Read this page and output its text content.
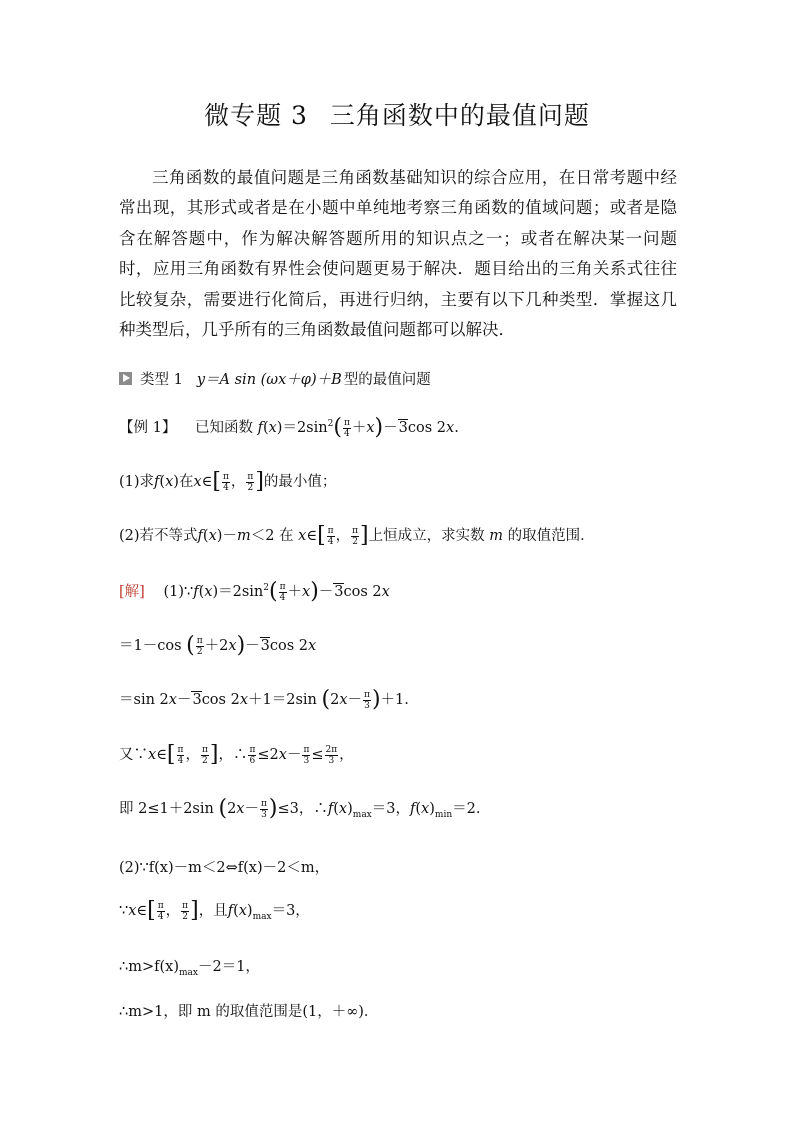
微专题 3 三角函数中的最值问题
三角函数的最值问题是三角函数基础知识的综合应用，在日常考题中经常出现，其形式或者是在小题中单纯地考察三角函数的值域问题；或者是隐含在解答题中，作为解决解答题所用的知识点之一；或者在解决某一问题时，应用三角函数有界性会使问题更易于解决．题目给出的三角关系式往往比较复杂，需要进行化简后，再进行归纳，主要有以下几种类型．掌握这几种类型后，几乎所有的三角函数最值问题都可以解决．
类型 1 y＝A sin (ωx＋φ)＋B 型的最值问题
【例 1】 已知函数 $f(x)=2\sin^2( \frac{\pi}{4} +x)-3\cos$ 2x.
(1)求f(x)在x∈[ $\frac{\pi}{4}$ ， $\frac{\pi}{2}$ ]的最小值；
(2)若不等式f(x)－m＜2 在 x∈[ $\frac{\pi}{4}$ ， $\frac{\pi}{2}$ ]上恒成立，求实数 m 的取值范围．
[解] $(1)\because f(x)=2\sin^2( \frac{\pi}{4} +x)-3\cos$ 2x
＝1－cos ( $\frac{\pi}{2} +2x)-3\cos$ 2x
＝sin 2x－3cos 2x＋1＝2sin $(2x- \frac{\pi}{3} )+1$.
又∵x∈[ $\frac{\pi}{4}$ ， $\frac{\pi}{2}$ ]，∴ $\frac{\pi}{6} \le 2x- \frac{\pi}{3} \le \frac{2\pi}{3}$ ，
即 2≤1＋2sin $(2x- \frac{\pi}{3} )\le 3$，$\therefore f(x)_{max}=3$，$f(x)_{min}=2$.
(2)∵f(x)－m＜2⇔f(x)－2＜m，
∵x∈[ $\frac{\pi}{4}$ ， $\frac{\pi}{2}$ ]，且$f(x)_{max}=3$，
$\therefore m>f(x)_{max}-2=1$，
∴m>1，即 m 的取值范围是(1，＋∞)．
